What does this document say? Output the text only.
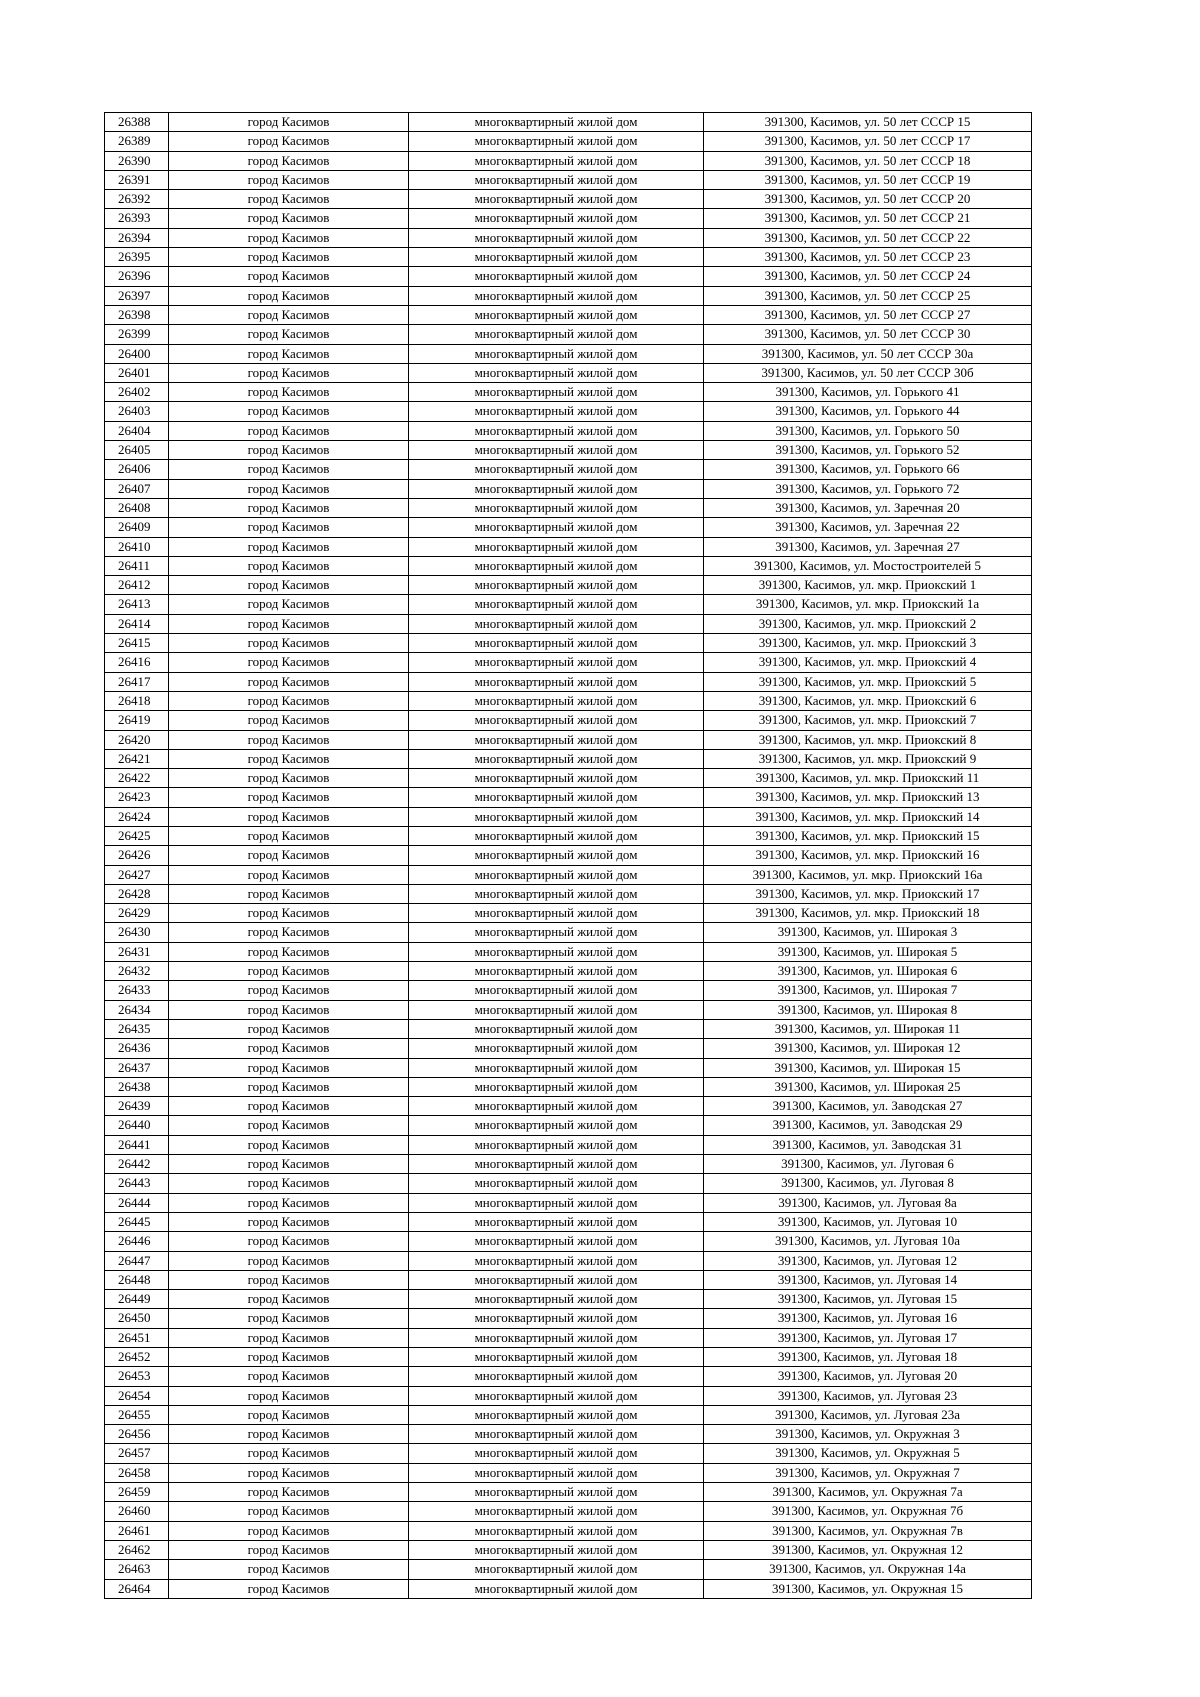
26388	город Касимов	многоквартирный жилой дом	391300, Касимов, ул. 50 лет СССР 15
26389	город Касимов	многоквартирный жилой дом	391300, Касимов, ул. 50 лет СССР 17
26390	город Касимов	многоквартирный жилой дом	391300, Касимов, ул. 50 лет СССР 18
26391	город Касимов	многоквартирный жилой дом	391300, Касимов, ул. 50 лет СССР 19
26392	город Касимов	многоквартирный жилой дом	391300, Касимов, ул. 50 лет СССР 20
26393	город Касимов	многоквартирный жилой дом	391300, Касимов, ул. 50 лет СССР 21
26394	город Касимов	многоквартирный жилой дом	391300, Касимов, ул. 50 лет СССР 22
26395	город Касимов	многоквартирный жилой дом	391300, Касимов, ул. 50 лет СССР 23
26396	город Касимов	многоквартирный жилой дом	391300, Касимов, ул. 50 лет СССР 24
26397	город Касимов	многоквартирный жилой дом	391300, Касимов, ул. 50 лет СССР 25
26398	город Касимов	многоквартирный жилой дом	391300, Касимов, ул. 50 лет СССР 27
26399	город Касимов	многоквартирный жилой дом	391300, Касимов, ул. 50 лет СССР 30
26400	город Касимов	многоквартирный жилой дом	391300, Касимов, ул. 50 лет СССР 30а
26401	город Касимов	многоквартирный жилой дом	391300, Касимов, ул. 50 лет СССР 30б
26402	город Касимов	многоквартирный жилой дом	391300, Касимов, ул. Горького 41
26403	город Касимов	многоквартирный жилой дом	391300, Касимов, ул. Горького 44
26404	город Касимов	многоквартирный жилой дом	391300, Касимов, ул. Горького 50
26405	город Касимов	многоквартирный жилой дом	391300, Касимов, ул. Горького 52
26406	город Касимов	многоквартирный жилой дом	391300, Касимов, ул. Горького 66
26407	город Касимов	многоквартирный жилой дом	391300, Касимов, ул. Горького 72
26408	город Касимов	многоквартирный жилой дом	391300, Касимов, ул. Заречная 20
26409	город Касимов	многоквартирный жилой дом	391300, Касимов, ул. Заречная 22
26410	город Касимов	многоквартирный жилой дом	391300, Касимов, ул. Заречная 27
26411	город Касимов	многоквартирный жилой дом	391300, Касимов, ул. Мостостроителей 5
26412	город Касимов	многоквартирный жилой дом	391300, Касимов, ул. мкр. Приокский 1
26413	город Касимов	многоквартирный жилой дом	391300, Касимов, ул. мкр. Приокский 1а
26414	город Касимов	многоквартирный жилой дом	391300, Касимов, ул. мкр. Приокский 2
26415	город Касимов	многоквартирный жилой дом	391300, Касимов, ул. мкр. Приокский 3
26416	город Касимов	многоквартирный жилой дом	391300, Касимов, ул. мкр. Приокский 4
26417	город Касимов	многоквартирный жилой дом	391300, Касимов, ул. мкр. Приокский 5
26418	город Касимов	многоквартирный жилой дом	391300, Касимов, ул. мкр. Приокский 6
26419	город Касимов	многоквартирный жилой дом	391300, Касимов, ул. мкр. Приокский 7
26420	город Касимов	многоквартирный жилой дом	391300, Касимов, ул. мкр. Приокский 8
26421	город Касимов	многоквартирный жилой дом	391300, Касимов, ул. мкр. Приокский 9
26422	город Касимов	многоквартирный жилой дом	391300, Касимов, ул. мкр. Приокский 11
26423	город Касимов	многоквартирный жилой дом	391300, Касимов, ул. мкр. Приокский 13
26424	город Касимов	многоквартирный жилой дом	391300, Касимов, ул. мкр. Приокский 14
26425	город Касимов	многоквартирный жилой дом	391300, Касимов, ул. мкр. Приокский 15
26426	город Касимов	многоквартирный жилой дом	391300, Касимов, ул. мкр. Приокский 16
26427	город Касимов	многоквартирный жилой дом	391300, Касимов, ул. мкр. Приокский 16а
26428	город Касимов	многоквартирный жилой дом	391300, Касимов, ул. мкр. Приокский 17
26429	город Касимов	многоквартирный жилой дом	391300, Касимов, ул. мкр. Приокский 18
26430	город Касимов	многоквартирный жилой дом	391300, Касимов, ул. Широкая 3
26431	город Касимов	многоквартирный жилой дом	391300, Касимов, ул. Широкая 5
26432	город Касимов	многоквартирный жилой дом	391300, Касимов, ул. Широкая 6
26433	город Касимов	многоквартирный жилой дом	391300, Касимов, ул. Широкая 7
26434	город Касимов	многоквартирный жилой дом	391300, Касимов, ул. Широкая 8
26435	город Касимов	многоквартирный жилой дом	391300, Касимов, ул. Широкая 11
26436	город Касимов	многоквартирный жилой дом	391300, Касимов, ул. Широкая 12
26437	город Касимов	многоквартирный жилой дом	391300, Касимов, ул. Широкая 15
26438	город Касимов	многоквартирный жилой дом	391300, Касимов, ул. Широкая 25
26439	город Касимов	многоквартирный жилой дом	391300, Касимов, ул. Заводская 27
26440	город Касимов	многоквартирный жилой дом	391300, Касимов, ул. Заводская 29
26441	город Касимов	многоквартирный жилой дом	391300, Касимов, ул. Заводская 31
26442	город Касимов	многоквартирный жилой дом	391300, Касимов, ул. Луговая 6
26443	город Касимов	многоквартирный жилой дом	391300, Касимов, ул. Луговая 8
26444	город Касимов	многоквартирный жилой дом	391300, Касимов, ул. Луговая 8а
26445	город Касимов	многоквартирный жилой дом	391300, Касимов, ул. Луговая 10
26446	город Касимов	многоквартирный жилой дом	391300, Касимов, ул. Луговая 10а
26447	город Касимов	многоквартирный жилой дом	391300, Касимов, ул. Луговая 12
26448	город Касимов	многоквартирный жилой дом	391300, Касимов, ул. Луговая 14
26449	город Касимов	многоквартирный жилой дом	391300, Касимов, ул. Луговая 15
26450	город Касимов	многоквартирный жилой дом	391300, Касимов, ул. Луговая 16
26451	город Касимов	многоквартирный жилой дом	391300, Касимов, ул. Луговая 17
26452	город Касимов	многоквартирный жилой дом	391300, Касимов, ул. Луговая 18
26453	город Касимов	многоквартирный жилой дом	391300, Касимов, ул. Луговая 20
26454	город Касимов	многоквартирный жилой дом	391300, Касимов, ул. Луговая 23
26455	город Касимов	многоквартирный жилой дом	391300, Касимов, ул. Луговая 23а
26456	город Касимов	многоквартирный жилой дом	391300, Касимов, ул. Окружная 3
26457	город Касимов	многоквартирный жилой дом	391300, Касимов, ул. Окружная 5
26458	город Касимов	многоквартирный жилой дом	391300, Касимов, ул. Окружная 7
26459	город Касимов	многоквартирный жилой дом	391300, Касимов, ул. Окружная 7а
26460	город Касимов	многоквартирный жилой дом	391300, Касимов, ул. Окружная 7б
26461	город Касимов	многоквартирный жилой дом	391300, Касимов, ул. Окружная 7в
26462	город Касимов	многоквартирный жилой дом	391300, Касимов, ул. Окружная 12
26463	город Касимов	многоквартирный жилой дом	391300, Касимов, ул. Окружная 14а
26464	город Касимов	многоквартирный жилой дом	391300, Касимов, ул. Окружная 15
